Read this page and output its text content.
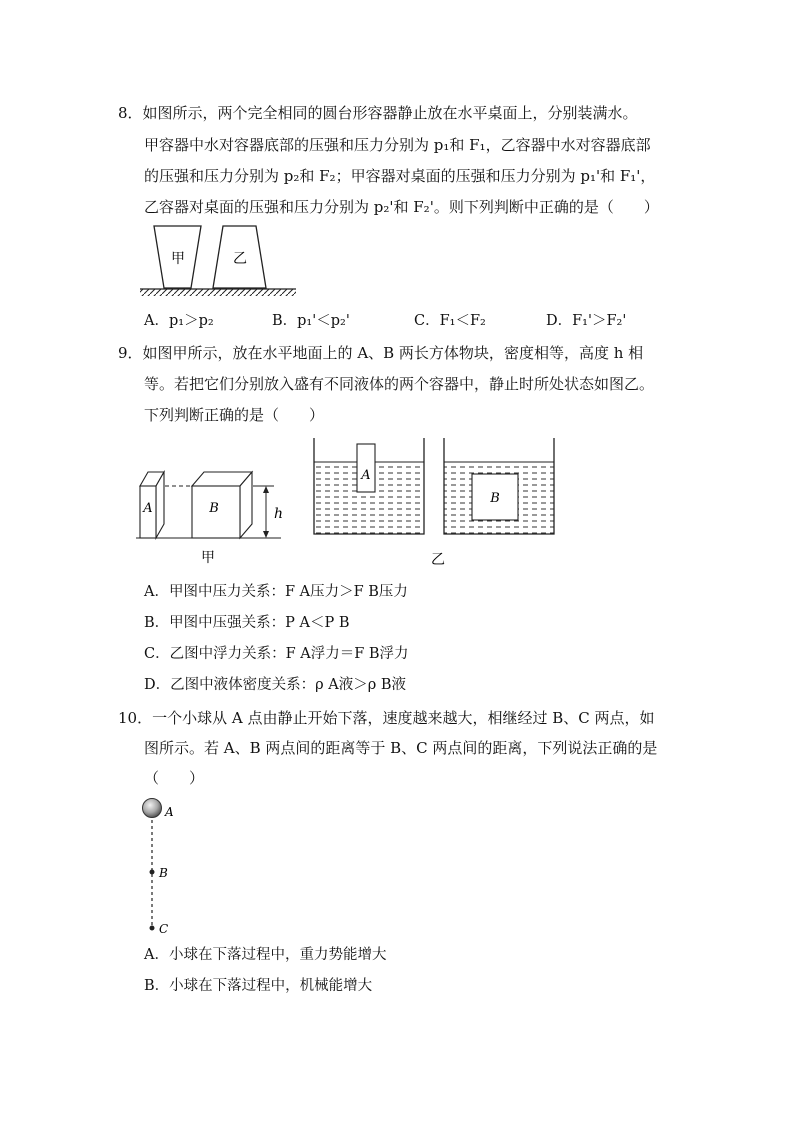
8．如图所示，两个完全相同的圆台形容器静止放在水平桌面上，分别装满水。
甲容器中水对容器底部的压强和压力分别为 p₁和 F₁，乙容器中水对容器底部
的压强和压力分别为 p₂和 F₂；甲容器对桌面的压强和压力分别为 p₁'和 F₁'，
乙容器对桌面的压强和压力分别为 p₂'和 F₂'。则下列判断中正确的是（　　）
甲	乙
A．p₁＞p₂	B．p₁'＜p₂'	C．F₁＜F₂	D．F₁'＞F₂'
9．如图甲所示，放在水平地面上的 A、B 两长方体物块，密度相等，高度 h 相
等。若把它们分别放入盛有不同液体的两个容器中，静止时所处状态如图乙。
下列判断正确的是（　　）
A	B	h
甲
A
B
乙
A．甲图中压力关系：F A压力＞F B压力
B．甲图中压强关系：P A＜P B
C．乙图中浮力关系：F A浮力＝F B浮力
D．乙图中液体密度关系：ρ A液＞ρ B液
10．一个小球从 A 点由静止开始下落，速度越来越大，相继经过 B、C 两点，如
图所示。若 A、B 两点间的距离等于 B、C 两点间的距离，下列说法正确的是
（　　）
A
B
C
A．小球在下落过程中，重力势能增大
B．小球在下落过程中，机械能增大
